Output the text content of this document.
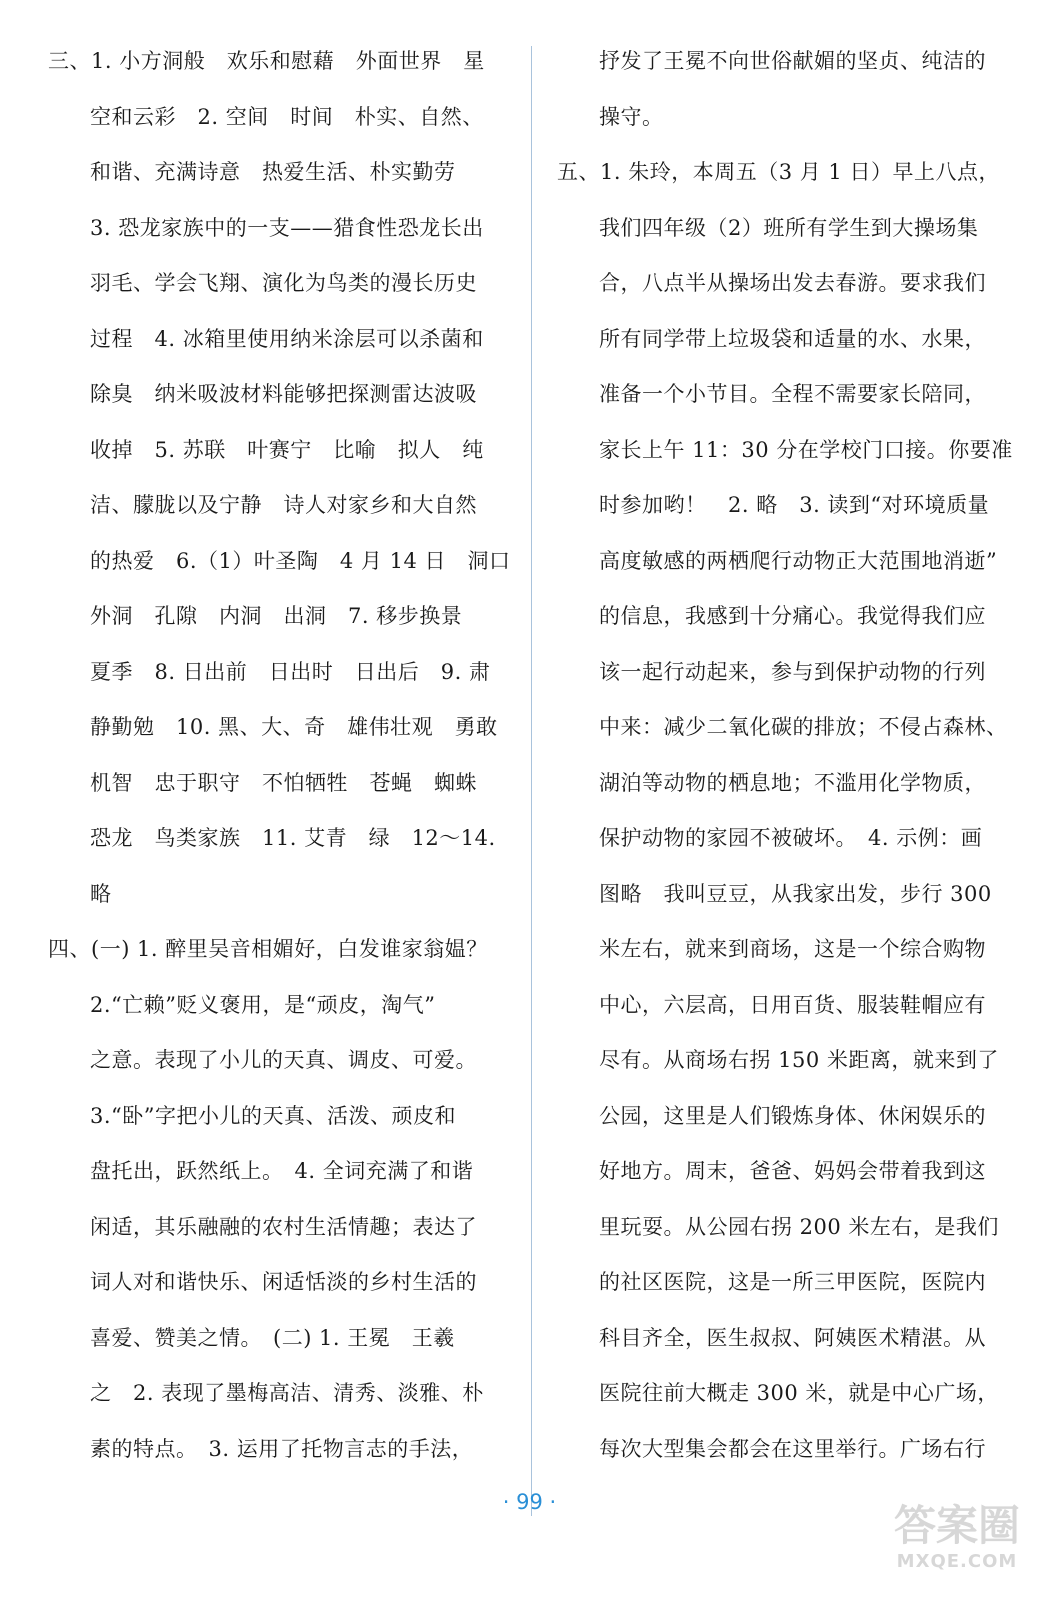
三、1. 小方洞般　欢乐和慰藉　外面世界　星
空和云彩　2. 空间　时间　朴实、自然、
和谐、充满诗意　热爱生活、朴实勤劳
3. 恐龙家族中的一支——猎食性恐龙长出
羽毛、学会飞翔、演化为鸟类的漫长历史
过程　4. 冰箱里使用纳米涂层可以杀菌和
除臭　纳米吸波材料能够把探测雷达波吸
收掉　5. 苏联　叶赛宁　比喻　拟人　纯
洁、朦胧以及宁静　诗人对家乡和大自然
的热爱　6.（1）叶圣陶　4 月 14 日　洞口
外洞　孔隙　内洞　出洞　7. 移步换景
夏季　8. 日出前　日出时　日出后　9. 肃
静勤勉　10. 黑、大、奇　雄伟壮观　勇敢
机智　忠于职守　不怕牺牲　苍蝇　蜘蛛
恐龙　鸟类家族　11. 艾青　绿　12～14.
略
四、(一) 1. 醉里吴音相媚好，白发谁家翁媪？
2.“亡赖”贬义褒用，是“顽皮，淘气”
之意。表现了小儿的天真、调皮、可爱。
3.“卧”字把小儿的天真、活泼、顽皮和
盘托出，跃然纸上。　4. 全词充满了和谐
闲适，其乐融融的农村生活情趣；表达了
词人对和谐快乐、闲适恬淡的乡村生活的
喜爱、赞美之情。　(二) 1. 王冕　王羲
之　2. 表现了墨梅高洁、清秀、淡雅、朴
素的特点。　3. 运用了托物言志的手法，
抒发了王冕不向世俗献媚的坚贞、纯洁的
操守。
五、1. 朱玲，本周五（3 月 1 日）早上八点，
我们四年级（2）班所有学生到大操场集
合，八点半从操场出发去春游。要求我们
所有同学带上垃圾袋和适量的水、水果，
准备一个小节目。全程不需要家长陪同，
家长上午 11：30 分在学校门口接。你要准
时参加哟！　2. 略　3. 读到“对环境质量
高度敏感的两栖爬行动物正大范围地消逝”
的信息，我感到十分痛心。我觉得我们应
该一起行动起来，参与到保护动物的行列
中来：减少二氧化碳的排放；不侵占森林、
湖泊等动物的栖息地；不滥用化学物质，
保护动物的家园不被破坏。　4. 示例：画
图略　我叫豆豆，从我家出发，步行 300
米左右，就来到商场，这是一个综合购物
中心，六层高，日用百货、服装鞋帽应有
尽有。从商场右拐 150 米距离，就来到了
公园，这里是人们锻炼身体、休闲娱乐的
好地方。周末，爸爸、妈妈会带着我到这
里玩耍。从公园右拐 200 米左右，是我们
的社区医院，这是一所三甲医院，医院内
科目齐全，医生叔叔、阿姨医术精湛。从
医院往前大概走 300 米，就是中心广场，
每次大型集会都会在这里举行。广场右行
· 99 ·	答案圈
MXQE.COM
